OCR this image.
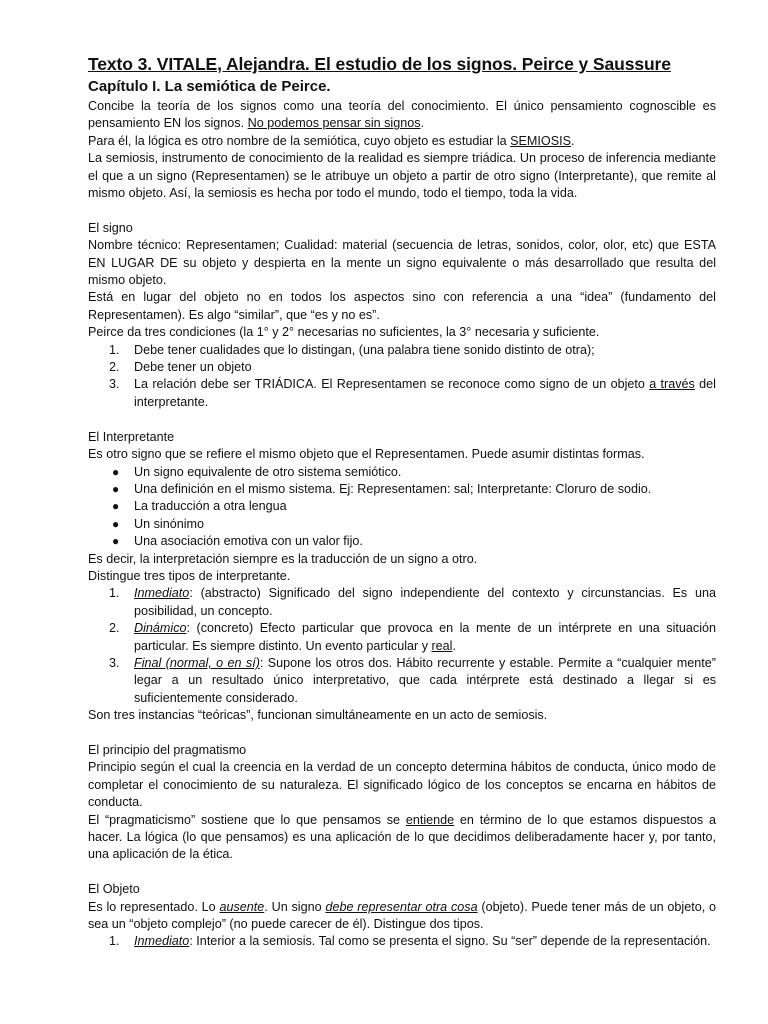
Texto 3. VITALE, Alejandra. El estudio de los signos. Peirce y Saussure
Capítulo I. La semiótica de Peirce.

Concibe la teoría de los signos como una teoría del conocimiento. El único pensamiento cognoscible es pensamiento EN los signos. No podemos pensar sin signos.

Para él, la lógica es otro nombre de la semiótica, cuyo objeto es estudiar la SEMIOSIS.

La semiosis, instrumento de conocimiento de la realidad es siempre triádica. Un proceso de inferencia mediante el que a un signo (Representamen) se le atribuye un objeto a partir de otro signo (Interpretante), que remite al mismo objeto. Así, la semiosis es hecha por todo el mundo, todo el tiempo, toda la vida.

El signo

Nombre técnico: Representamen; Cualidad: material (secuencia de letras, sonidos, color, olor, etc) que ESTA EN LUGAR DE su objeto y despierta en la mente un signo equivalente o más desarrollado que resulta del mismo objeto.

Está en lugar del objeto no en todos los aspectos sino con referencia a una “idea” (fundamento del Representamen). Es algo “similar”, que “es y no es”.

Peirce da tres condiciones (la 1° y 2° necesarias no suficientes, la 3° necesaria y suficiente.

1. Debe tener cualidades que lo distingan, (una palabra tiene sonido distinto de otra);
2. Debe tener un objeto
3. La relación debe ser TRIÁDICA. El Representamen se reconoce como signo de un objeto a través del interpretante.

El Interpretante

Es otro signo que se refiere el mismo objeto que el Representamen. Puede asumir distintas formas.

● Un signo equivalente de otro sistema semiótico.
● Una definición en el mismo sistema. Ej: Representamen: sal; Interpretante: Cloruro de sodio.
● La traducción a otra lengua
● Un sinónimo
● Una asociación emotiva con un valor fijo.

Es decir, la interpretación siempre es la traducción de un signo a otro.

Distingue tres tipos de interpretante.

1. Inmediato: (abstracto) Significado del signo independiente del contexto y circunstancias. Es una posibilidad, un concepto.
2. Dinámico: (concreto) Efecto particular que provoca en la mente de un intérprete en una situación particular. Es siempre distinto. Un evento particular y real.
3. Final (normal, o en sí): Supone los otros dos. Hábito recurrente y estable. Permite a “cualquier mente” legar a un resultado único interpretativo, que cada intérprete está destinado a llegar si es suficientemente considerado.

Son tres instancias “teóricas”, funcionan simultáneamente en un acto de semiosis.

El principio del pragmatismo

Principio según el cual la creencia en la verdad de un concepto determina hábitos de conducta, único modo de completar el conocimiento de su naturaleza. El significado lógico de los conceptos se encarna en hábitos de conducta.

El “pragmaticismo” sostiene que lo que pensamos se entiende en término de lo que estamos dispuestos a hacer. La lógica (lo que pensamos) es una aplicación de lo que decidimos deliberadamente hacer y, por tanto, una aplicación de la ética.

El Objeto

Es lo representado. Lo ausente. Un signo debe representar otra cosa (objeto). Puede tener más de un objeto, o sea un “objeto complejo” (no puede carecer de él). Distingue dos tipos.

1. Inmediato: Interior a la semiosis. Tal como se presenta el signo. Su “ser” depende de la representación.
